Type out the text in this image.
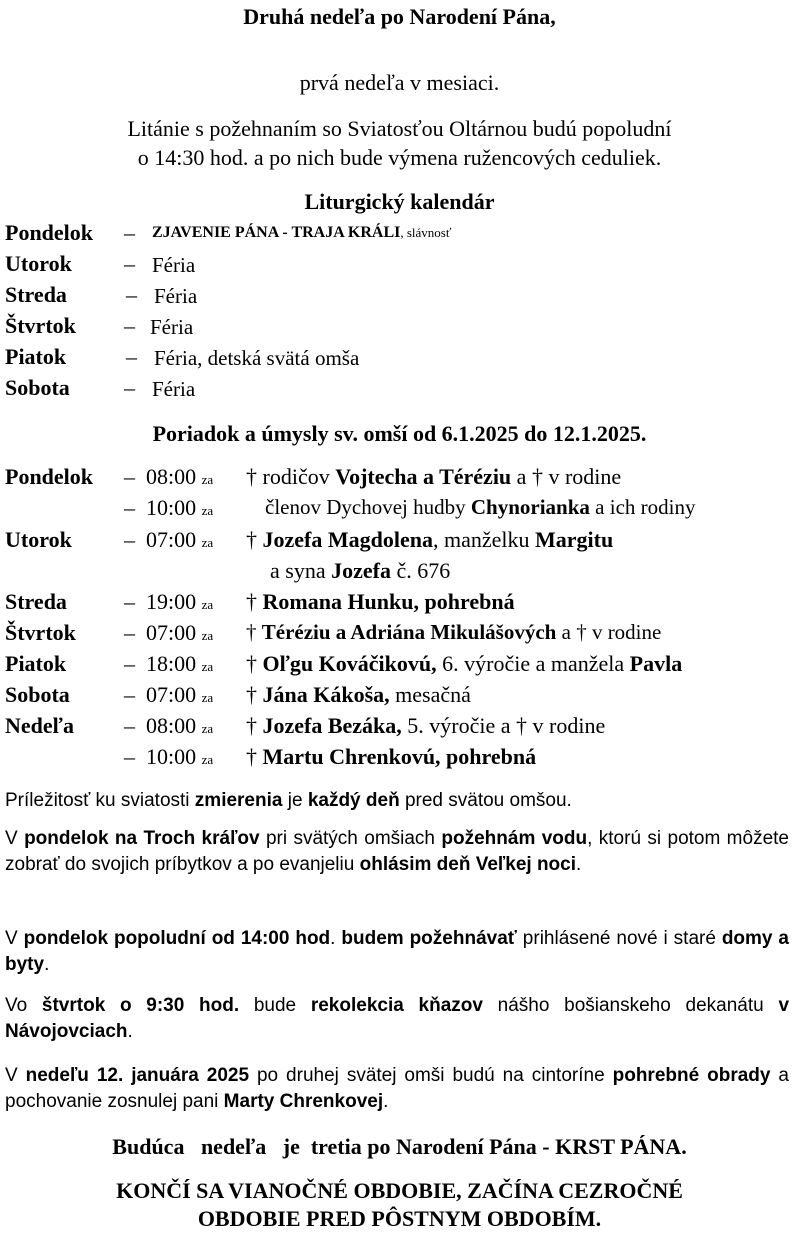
Druhá nedeľa po Narodení Pána,
prvá nedeľa v mesiaci.
Litánie s požehnaním so Sviatosťou Oltárnou budú popoludní
o 14:30 hod. a po nich bude výmena ružencových ceduliek.
Liturgický kalendár
Pondelok – ZJAVENIE PÁNA - TRAJA KRÁLI, slávnosť
Utorok – Féria
Streda	– Féria
Štvrtok – Féria
Piatok	– Féria, detská svätá omša
Sobota – Féria
Poriadok a úmysly sv. omší od 6.1.2025 do 12.1.2025.
Pondelok – 08:00 za † rodičov Vojtecha a Téréziu a † v rodine
– 10:00 za členov Dychovej hudby Chynorianka a ich rodiny
Utorok – 07:00 za † Jozefa Magdolena, manželku Margitu
a syna Jozefa č. 676
Streda	– 19:00 za † Romana Hunku, pohrebná
Štvrtok – 07:00 za † Téréziu a Adriána Mikulášových a † v rodine
Piatok	– 18:00 za † Oľgu Kováčikovú, 6. výročie a manžela Pavla
Sobota – 07:00 za † Jána Kákoša, mesačná
Nedeľa – 08:00 za † Jozefa Bezáka, 5. výročie a † v rodine
– 10:00 za † Martu Chrenkovú, pohrebná
Príležitosť ku sviatosti zmierenia je každý deň pred svätou omšou.
V pondelok na Troch kráľov pri svätých omšiach požehnám vodu, ktorú si potom môžete zobrať do svojich príbytkov a po evanjeliu ohlásim deň Veľkej noci.
V pondelok popoludní od 14:00 hod. budem požehnávať prihlásené nové i staré domy a byty.
Vo štvrtok o 9:30 hod. bude rekolekcia kňazov nášho bošianskeho dekanátu v Návojovciach.
V nedeľu 12. januára 2025 po druhej svätej omši budú na cintoríne pohrebné obrady a pochovanie zosnulej pani Marty Chrenkovej.
Budúca   nedeľa   je  tretia po Narodení Pána - KRST PÁNA.
KONČÍ SA VIANOČNÉ OBDOBIE, ZAČÍNA CEZROČNÉ
OBDOBIE PRED PÔSTNYM OBDOBÍM.
